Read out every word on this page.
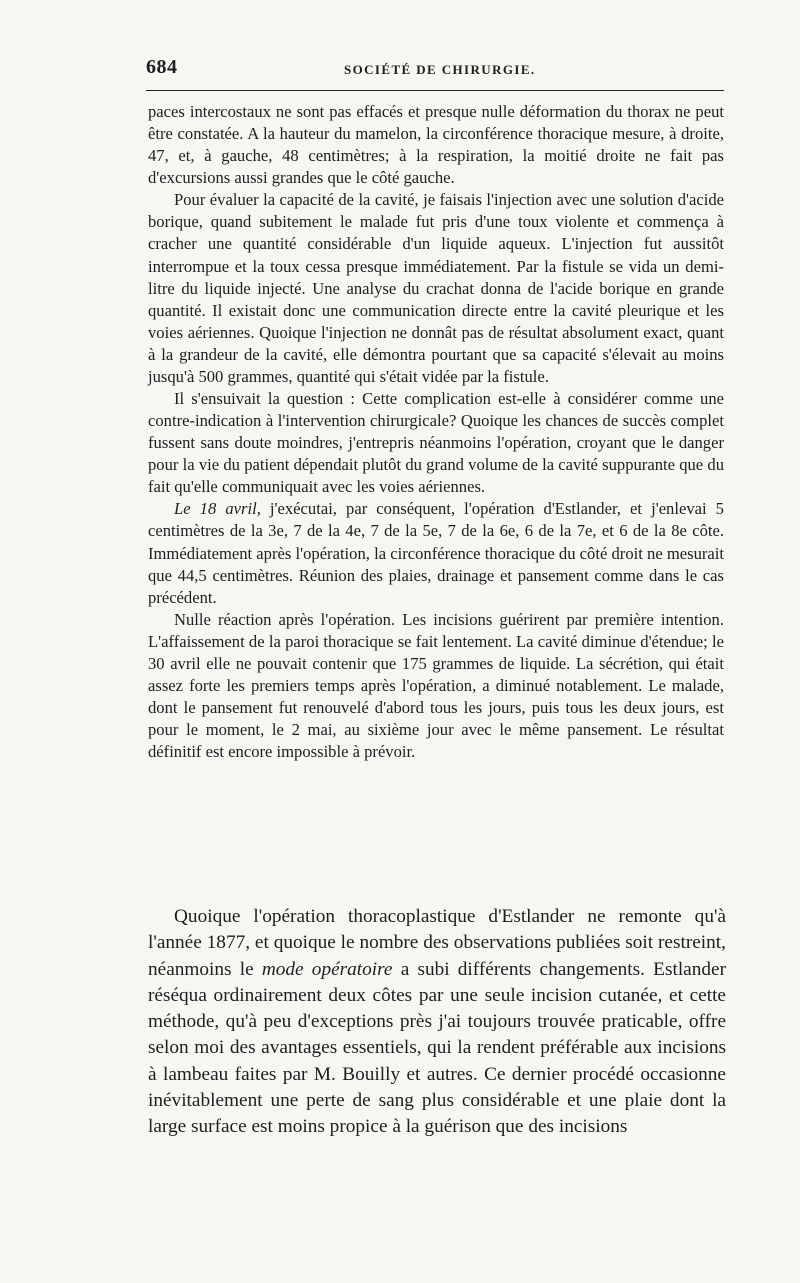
684	SOCIÉTÉ DE CHIRURGIE.

paces intercostaux ne sont pas effacés et presque nulle déformation du thorax ne peut être constatée. A la hauteur du mamelon, la circonférence thoracique mesure, à droite, 47, et, à gauche, 48 centimètres; à la respiration, la moitié droite ne fait pas d'excursions aussi grandes que le côté gauche.

Pour évaluer la capacité de la cavité, je faisais l'injection avec une solution d'acide borique, quand subitement le malade fut pris d'une toux violente et commença à cracher une quantité considérable d'un liquide aqueux. L'injection fut aussitôt interrompue et la toux cessa presque immédiatement. Par la fistule se vida un demi-litre du liquide injecté. Une analyse du crachat donna de l'acide borique en grande quantité. Il existait donc une communication directe entre la cavité pleurique et les voies aériennes. Quoique l'injection ne donnât pas de résultat absolument exact, quant à la grandeur de la cavité, elle démontra pourtant que sa capacité s'élevait au moins jusqu'à 500 grammes, quantité qui s'était vidée par la fistule.

Il s'ensuivait la question : Cette complication est-elle à considérer comme une contre-indication à l'intervention chirurgicale? Quoique les chances de succès complet fussent sans doute moindres, j'entrepris néanmoins l'opération, croyant que le danger pour la vie du patient dépendait plutôt du grand volume de la cavité suppurante que du fait qu'elle communiquait avec les voies aériennes.

Le 18 avril, j'exécutai, par conséquent, l'opération d'Estlander, et j'enlevai 5 centimètres de la 3e, 7 de la 4e, 7 de la 5e, 7 de la 6e, 6 de la 7e, et 6 de la 8e côte. Immédiatement après l'opération, la circonférence thoracique du côté droit ne mesurait que 44,5 centimètres. Réunion des plaies, drainage et pansement comme dans le cas précédent.

Nulle réaction après l'opération. Les incisions guérirent par première intention. L'affaissement de la paroi thoracique se fait lentement. La cavité diminue d'étendue; le 30 avril elle ne pouvait contenir que 175 grammes de liquide. La sécrétion, qui était assez forte les premiers temps après l'opération, a diminué notablement. Le malade, dont le pansement fut renouvelé d'abord tous les jours, puis tous les deux jours, est pour le moment, le 2 mai, au sixième jour avec le même pansement. Le résultat définitif est encore impossible à prévoir.

Quoique l'opération thoracoplastique d'Estlander ne remonte qu'à l'année 1877, et quoique le nombre des observations publiées soit restreint, néanmoins le mode opératoire a subi différents changements. Estlander réséqua ordinairement deux côtes par une seule incision cutanée, et cette méthode, qu'à peu d'exceptions près j'ai toujours trouvée praticable, offre selon moi des avantages essentiels, qui la rendent préférable aux incisions à lambeau faites par M. Bouilly et autres. Ce dernier procédé occasionne inévitablement une perte de sang plus considérable et une plaie dont la large surface est moins propice à la guérison que des incisions
